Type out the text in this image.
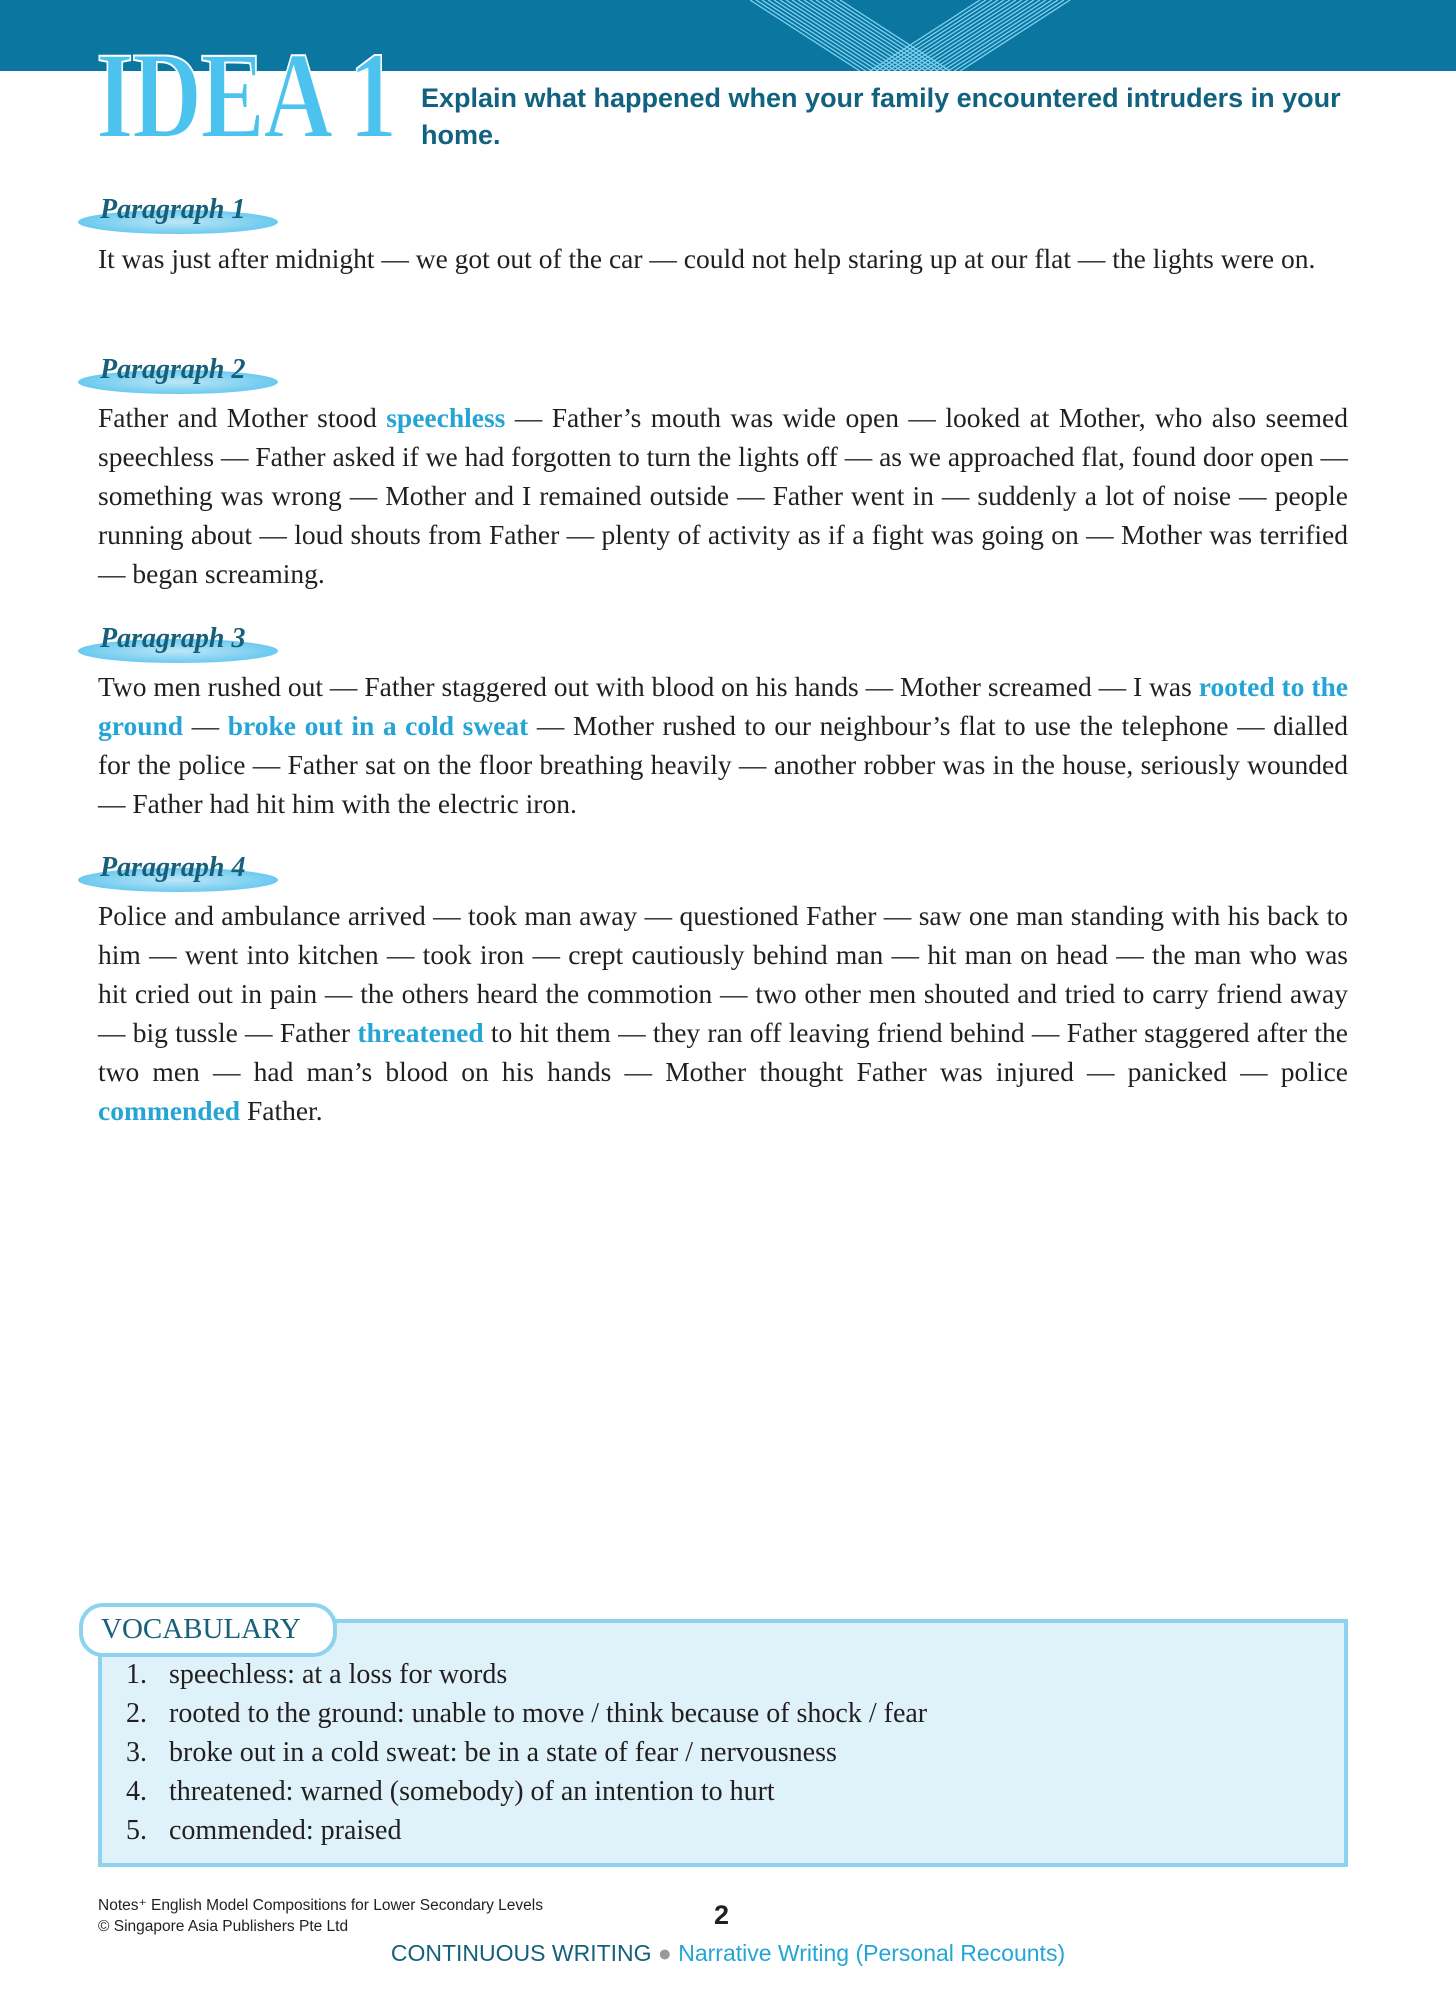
IDEA 1 Explain what happened when your family encountered intruders in your home.
Paragraph 1
It was just after midnight — we got out of the car — could not help staring up at our flat — the lights were on.
Paragraph 2
Father and Mother stood speechless — Father’s mouth was wide open — looked at Mother, who also seemed speechless — Father asked if we had forgotten to turn the lights off — as we approached flat, found door open — something was wrong — Mother and I remained outside — Father went in — suddenly a lot of noise — people running about — loud shouts from Father — plenty of activity as if a fight was going on — Mother was terrified — began screaming.
Paragraph 3
Two men rushed out — Father staggered out with blood on his hands — Mother screamed — I was rooted to the ground — broke out in a cold sweat — Mother rushed to our neighbour’s flat to use the telephone — dialled for the police — Father sat on the floor breathing heavily — another robber was in the house, seriously wounded — Father had hit him with the electric iron.
Paragraph 4
Police and ambulance arrived — took man away — questioned Father — saw one man standing with his back to him — went into kitchen — took iron — crept cautiously behind man — hit man on head — the man who was hit cried out in pain — the others heard the commotion — two other men shouted and tried to carry friend away — big tussle — Father threatened to hit them — they ran off leaving friend behind — Father staggered after the two men — had man’s blood on his hands — Mother thought Father was injured — panicked — police commended Father.
VOCABULARY
1. speechless: at a loss for words
2. rooted to the ground: unable to move / think because of shock / fear
3. broke out in a cold sweat: be in a state of fear / nervousness
4. threatened: warned (somebody) of an intention to hurt
5. commended: praised
Notes⁺ English Model Compositions for Lower Secondary Levels
© Singapore Asia Publishers Pte Ltd	2
CONTINUOUS WRITING ● Narrative Writing (Personal Recounts)
